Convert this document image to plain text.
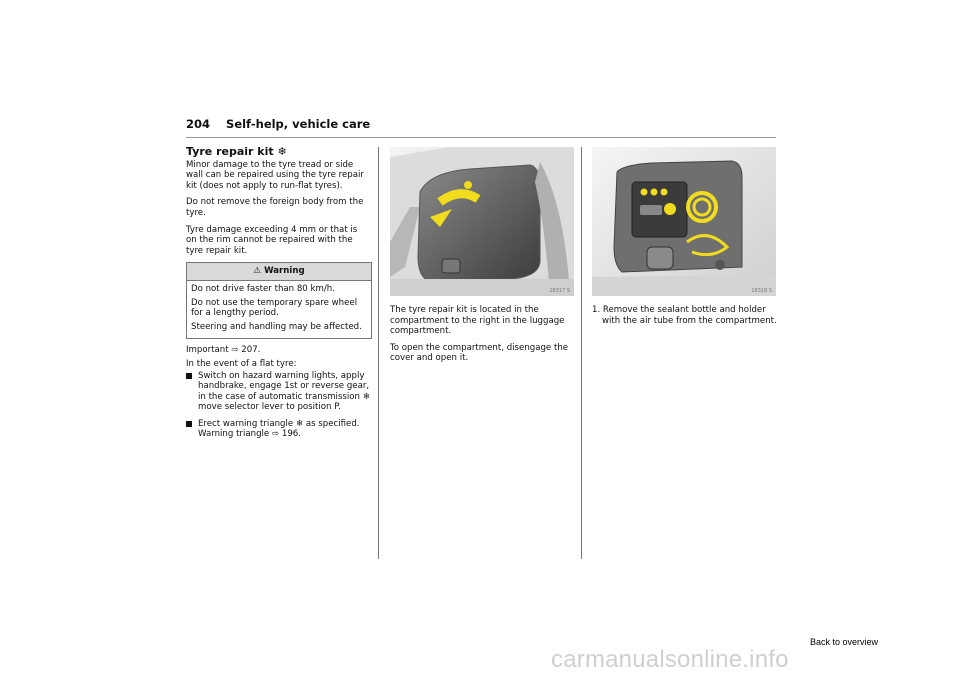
204 Self-help, vehicle care
Tyre repair kit ❄

Minor damage to the tyre tread or side wall can be repaired using the tyre repair kit (does not apply to run-flat tyres).

Do not remove the foreign body from the tyre.

Tyre damage exceeding 4 mm or that is on the rim cannot be repaired with the tyre repair kit.

⚠ Warning

Do not drive faster than 80 km/h.

Do not use the temporary spare wheel for a lengthy period.

Steering and handling may be affected.

Important ⇨ 207.

In the event of a flat tyre:

Switch on hazard warning lights, apply handbrake, engage 1st or reverse gear, in the case of automatic transmission ❄ move selector lever to position P.
Erect warning triangle ❄ as specified. Warning triangle ⇨ 196.
18317 S

The tyre repair kit is located in the compartment to the right in the luggage compartment.

To open the compartment, disengage the cover and open it.

18318 S

1. Remove the sealant bottle and holder with the air tube from the compartment.

Back to overview
carmanualsonline.info
